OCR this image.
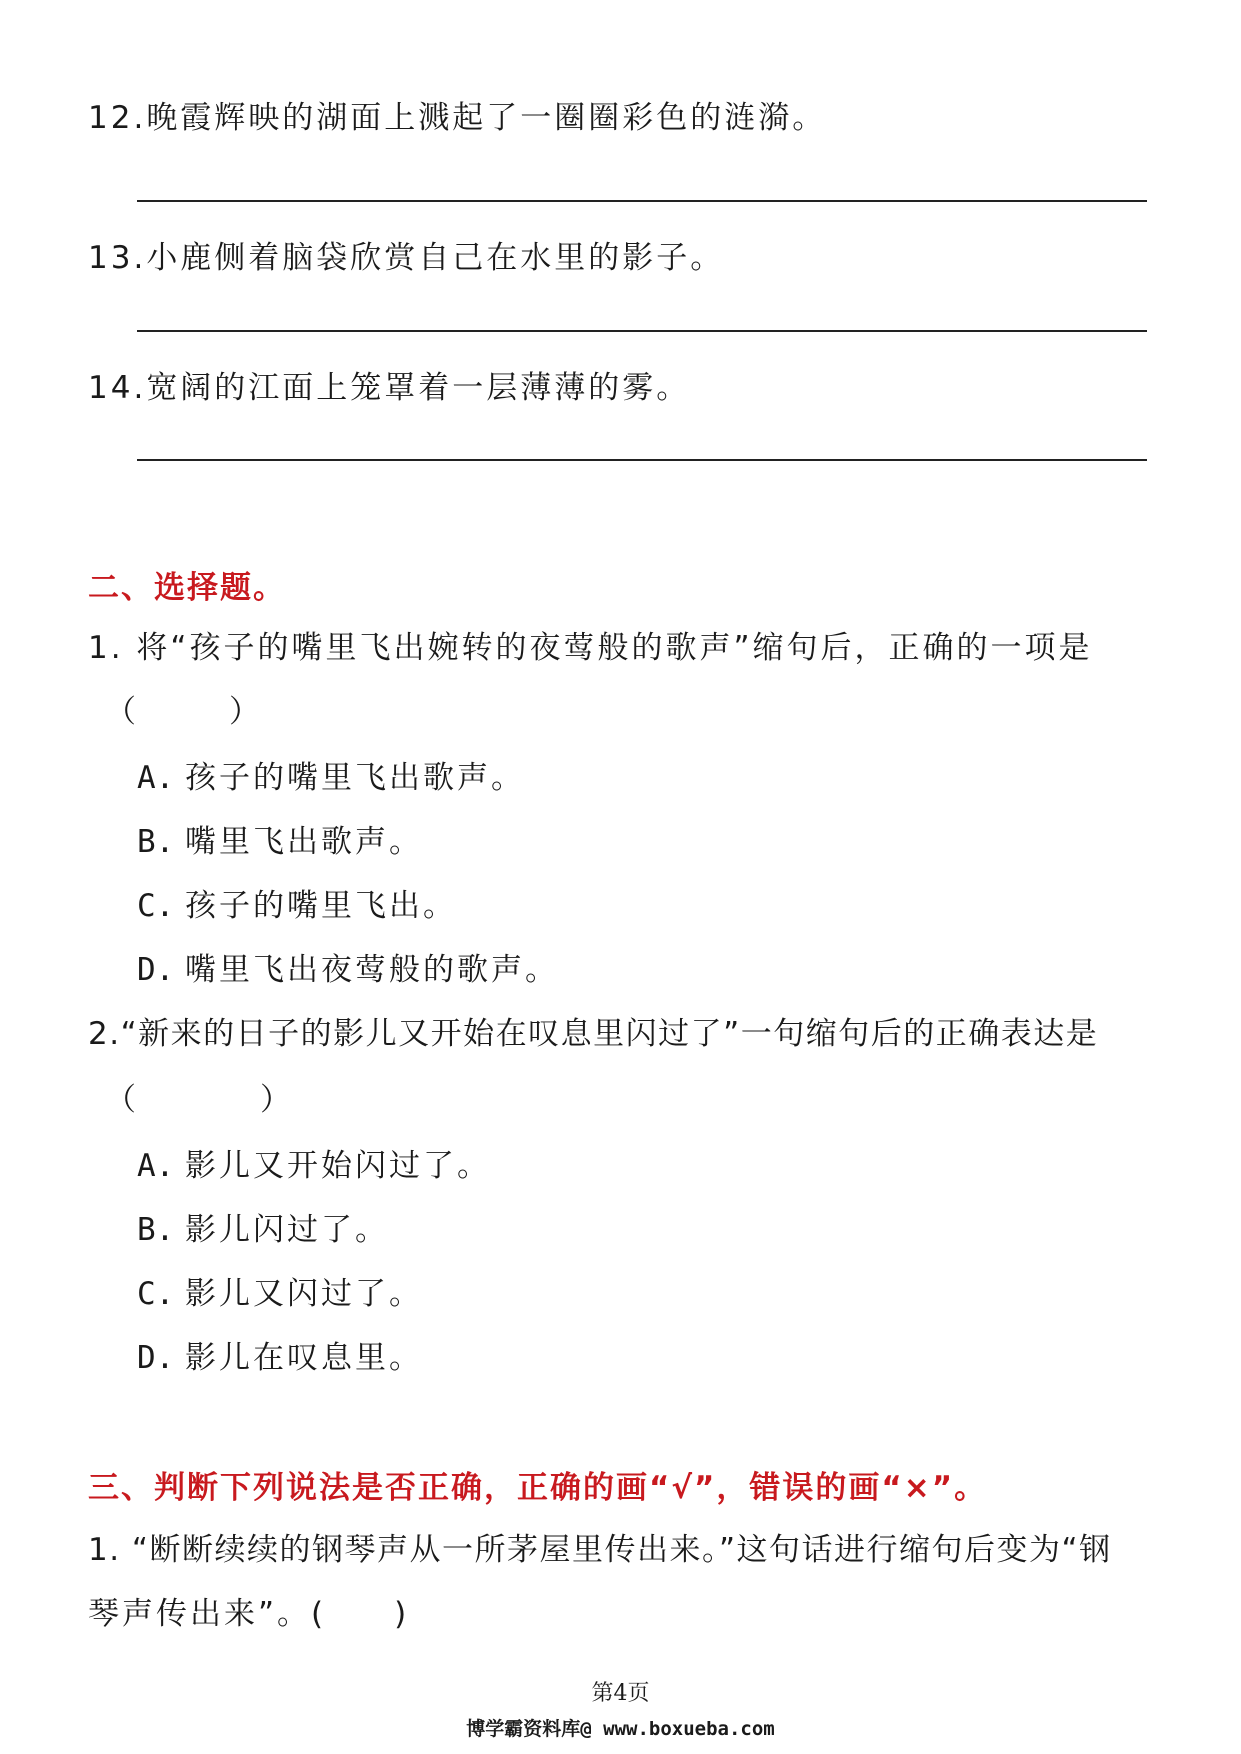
12.晚霞辉映的湖面上溅起了一圈圈彩色的涟漪。
13.小鹿侧着脑袋欣赏自己在水里的影子。
14.宽阔的江面上笼罩着一层薄薄的雾。
二、选择题。
1. 将“孩子的嘴里飞出婉转的夜莺般的歌声”缩句后，正确的一项是
（　　　）
A. 孩子的嘴里飞出歌声。
B. 嘴里飞出歌声。
C. 孩子的嘴里飞出。
D. 嘴里飞出夜莺般的歌声。
2.“新来的日子的影儿又开始在叹息里闪过了”一句缩句后的正确表达是
（　　　　）
A. 影儿又开始闪过了。
B. 影儿闪过了。
C. 影儿又闪过了。
D. 影儿在叹息里。
三、判断下列说法是否正确，正确的画“√”，错误的画“×”。
1. “断断续续的钢琴声从一所茅屋里传出来。”这句话进行缩句后变为“钢
琴声传出来”。(　　)
第4页
博学霸资料库@ www.boxueba.com
